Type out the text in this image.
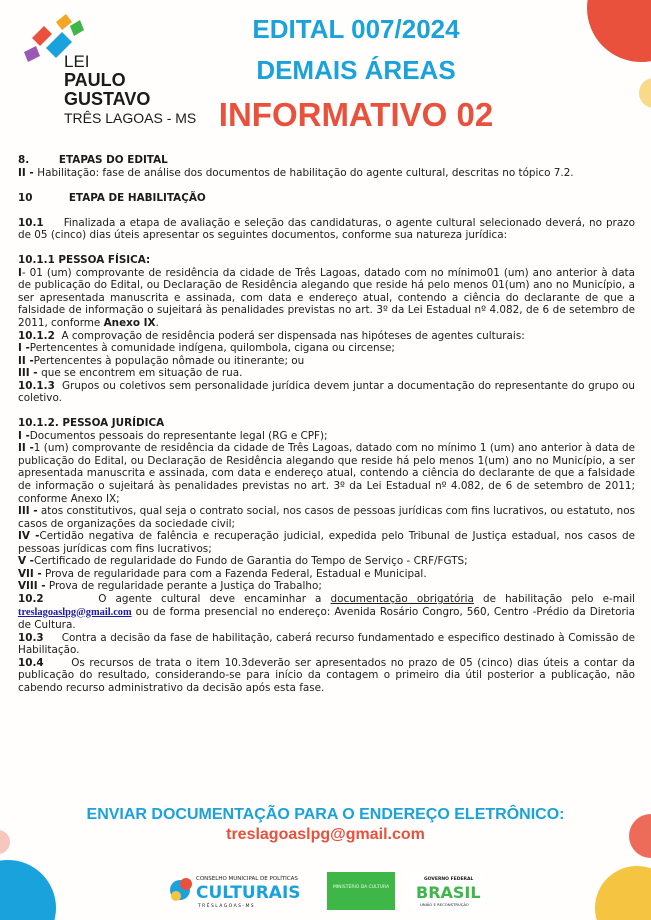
LEI
PAULO
GUSTAVO
TRÊS LAGOAS - MS
EDITAL 007/2024
DEMAIS ÁREAS
INFORMATIVO 02

8.	ETAPAS DO EDITAL

II - Habilitação: fase de análise dos documentos de habilitação do agente cultural, descritas no tópico 7.2.

10	ETAPA DE HABILITAÇÃO

10.1 Finalizada a etapa de avaliação e seleção das candidaturas, o agente cultural selecionado deverá, no prazo de 05 (cinco) dias úteis apresentar os seguintes documentos, conforme sua natureza jurídica:

10.1.1 PESSOA FÍSICA:

I- 01 (um) comprovante de residência da cidade de Três Lagoas, datado com no mínimo01 (um) ano anterior à data de publicação do Edital, ou Declaração de Residência alegando que reside há pelo menos 01(um) ano no Município, a ser apresentada manuscrita e assinada, com data e endereço atual, contendo a ciência do declarante de que a falsidade de informação o sujeitará às penalidades previstas no art. 3º da Lei Estadual nº 4.082, de 6 de setembro de 2011, conforme Anexo IX.

10.1.2 A comprovação de residência poderá ser dispensada nas hipóteses de agentes culturais:

I -Pertencentes à comunidade indígena, quilombola, cigana ou circense;

II -Pertencentes à população nômade ou itinerante; ou

III - que se encontrem em situação de rua.

10.1.3 Grupos ou coletivos sem personalidade jurídica devem juntar a documentação do representante do grupo ou coletivo.

10.1.2. PESSOA JURÍDICA

I -Documentos pessoais do representante legal (RG e CPF);

II -1 (um) comprovante de residência da cidade de Três Lagoas, datado com no mínimo 1 (um) ano anterior à data de publicação do Edital, ou Declaração de Residência alegando que reside há pelo menos 1(um) ano no Município, a ser apresentada manuscrita e assinada, com data e endereço atual, contendo a ciência do declarante de que a falsidade de informação o sujeitará às penalidades previstas no art. 3º da Lei Estadual nº 4.082, de 6 de setembro de 2011; conforme Anexo IX;

III - atos constitutivos, qual seja o contrato social, nos casos de pessoas jurídicas com fins lucrativos, ou estatuto, nos casos de organizações da sociedade civil;

IV -Certidão negativa de falência e recuperação judicial, expedida pelo Tribunal de Justiça estadual, nos casos de pessoas jurídicas com fins lucrativos;

V -Certificado de regularidade do Fundo de Garantia do Tempo de Serviço - CRF/FGTS;

VII - Prova de regularidade para com a Fazenda Federal, Estadual e Municipal.

VIII - Prova de regularidade perante a Justiça do Trabalho;

10.2	O agente cultural deve encaminhar a documentação obrigatória de habilitação pelo e-mail treslagoaslpg@gmail.com ou de forma presencial no endereço: Avenida Rosário Congro, 560, Centro -Prédio da Diretoria de Cultura.

10.3 Contra a decisão da fase de habilitação, caberá recurso fundamentado e especifico destinado à Comissão de Habilitação.

10.4	Os recursos de trata o item 10.3deverão ser apresentados no prazo de 05 (cinco) dias úteis a contar da publicação do resultado, considerando-se para início da contagem o primeiro dia útil posterior a publicação, não cabendo recurso administrativo da decisão após esta fase.

ENVIAR DOCUMENTAÇÃO PARA O ENDEREÇO ELETRÔNICO:
treslagoaslpg@gmail.com
CONSELHO MUNICIPAL DE POLÍTICAS
CULTURAIS
T R Ê S L A G O A S - M S
MINISTÉRIO DA CULTURA
GOVERNO FEDERAL
BRASIL
UNIÃO E RECONSTRUÇÃO
